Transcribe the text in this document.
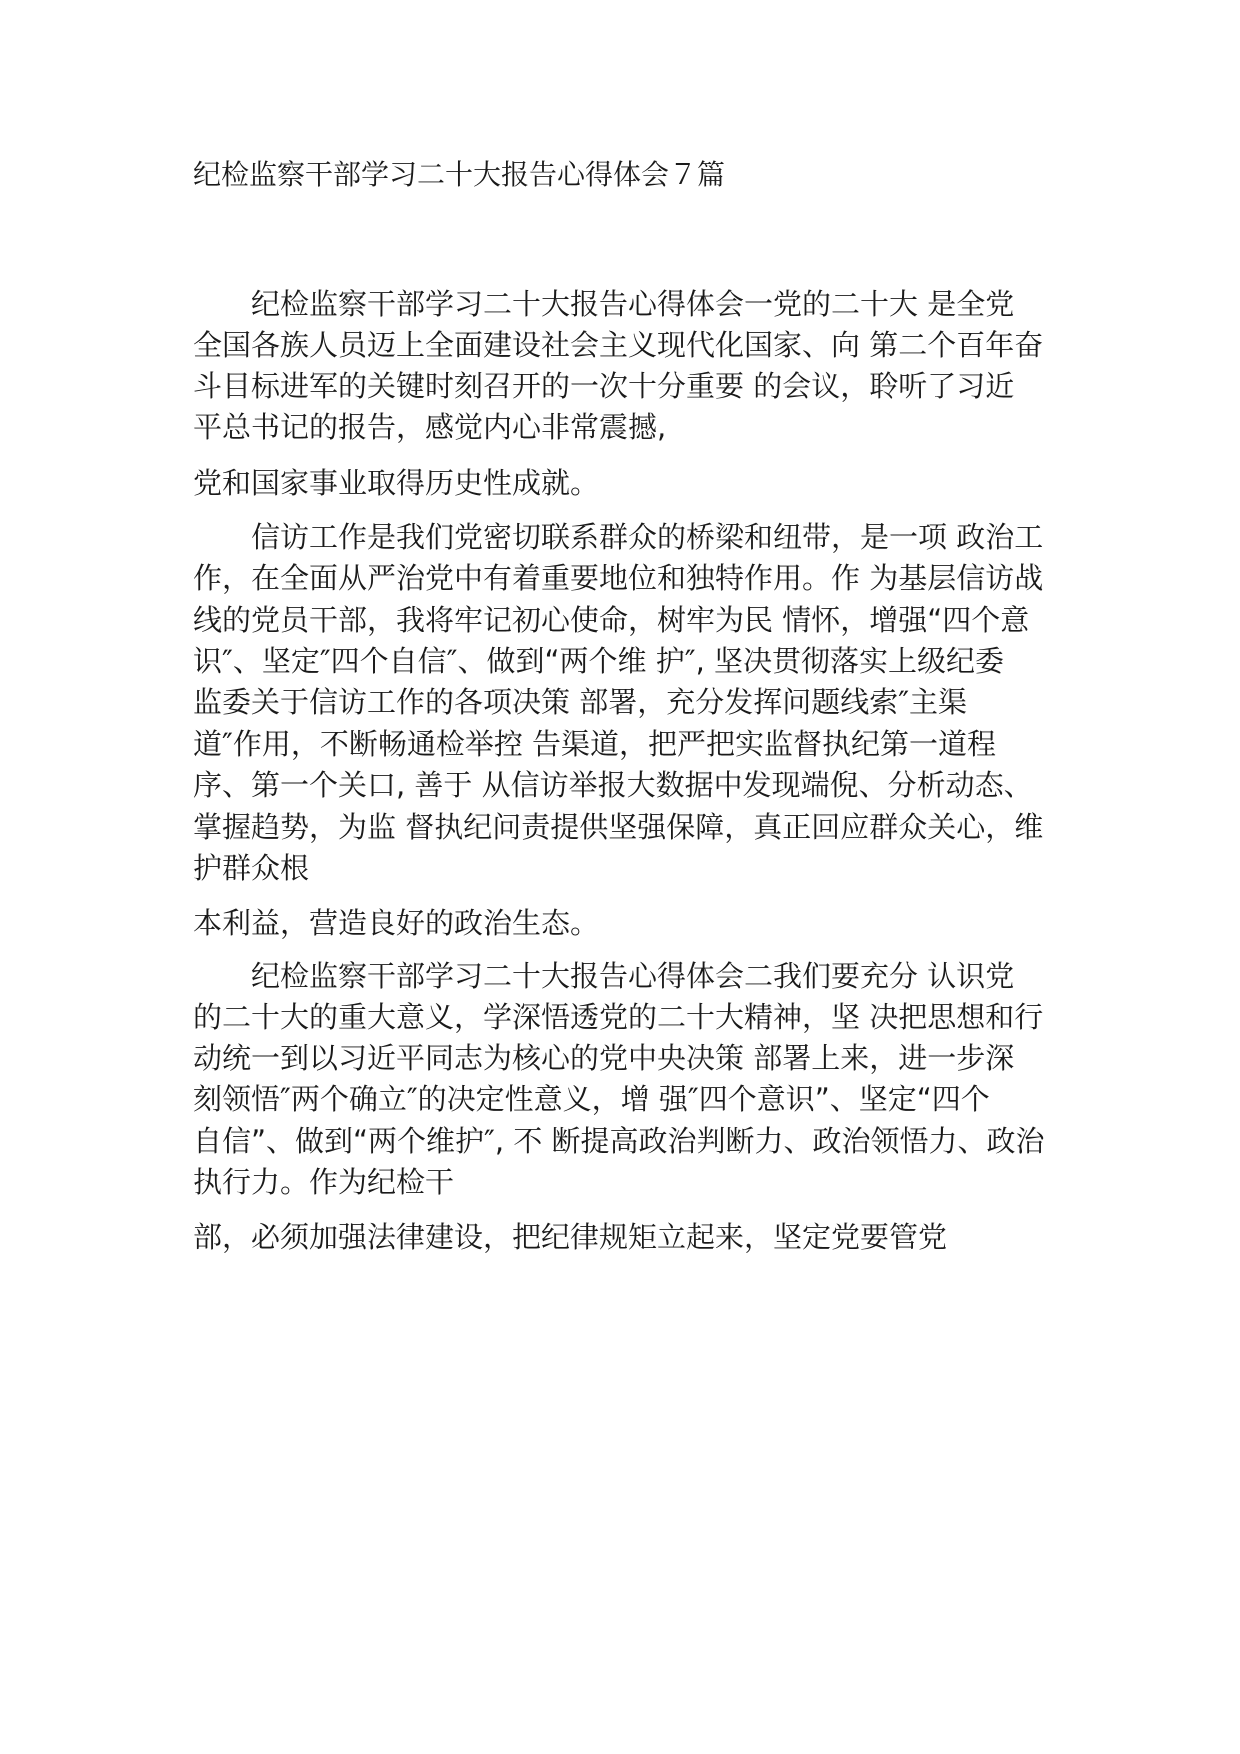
纪检监察干部学习二十大报告心得体会７篇
　　纪检监察干部学习二十大报告心得体会一党的二十大 是全党
全国各族人员迈上全面建设社会主义现代化国家、向 第二个百年奋
斗目标进军的关键时刻召开的一次十分重要 的会议，聆听了习近
平总书记的报告，感觉内心非常震撼,
党和国家事业取得历史性成就。
　　信访工作是我们党密切联系群众的桥梁和纽带，是一项 政治工
作，在全面从严治党中有着重要地位和独特作用。作 为基层信访战
线的党员干部，我将牢记初心使命，树牢为民 情怀，增强“四个意
识″、坚定″四个自信″、做到“两个维 护″, 坚决贯彻落实上级纪委
监委关于信访工作的各项决策 部署，充分发挥问题线索″主渠
道″作用，不断畅通检举控 告渠道，把严把实监督执纪第一道程
序、第一个关口, 善于 从信访举报大数据中发现端倪、分析动态、
掌握趋势，为监 督执纪问责提供坚强保障，真正回应群众关心，维
护群众根
本利益，营造良好的政治生态。
　　纪检监察干部学习二十大报告心得体会二我们要充分 认识党
的二十大的重大意义，学深悟透党的二十大精神，坚 决把思想和行
动统一到以习近平同志为核心的党中央决策 部署上来，进一步深
刻领悟″两个确立″的决定性意义，增 强″四个意识”、坚定“四个
自信”、做到“两个维护″, 不 断提高政治判断力、政治领悟力、政治
执行力。作为纪检干
部，必须加强法律建设，把纪律规矩立起来，坚定党要管党
